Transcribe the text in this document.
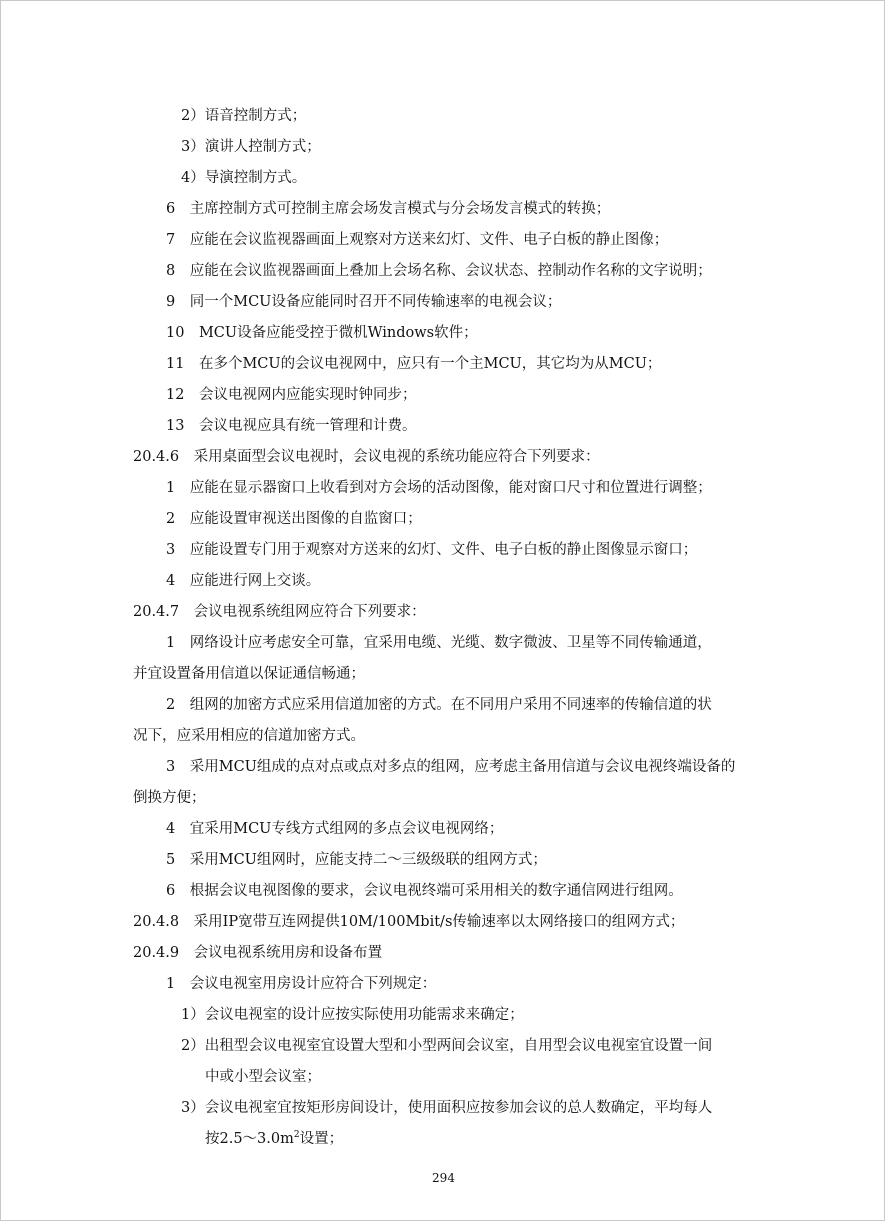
2）语音控制方式；
3）演讲人控制方式；
4）导演控制方式。
6　主席控制方式可控制主席会场发言模式与分会场发言模式的转换；
7　应能在会议监视器画面上观察对方送来幻灯、文件、电子白板的静止图像；
8　应能在会议监视器画面上叠加上会场名称、会议状态、控制动作名称的文字说明；
9　同一个MCU设备应能同时召开不同传输速率的电视会议；
10　MCU设备应能受控于微机Windows软件；
11　在多个MCU的会议电视网中，应只有一个主MCU，其它均为从MCU；
12　会议电视网内应能实现时钟同步；
13　会议电视应具有统一管理和计费。
20.4.6　采用桌面型会议电视时，会议电视的系统功能应符合下列要求：
1　应能在显示器窗口上收看到对方会场的活动图像，能对窗口尺寸和位置进行调整；
2　应能设置审视送出图像的自监窗口；
3　应能设置专门用于观察对方送来的幻灯、文件、电子白板的静止图像显示窗口；
4　应能进行网上交谈。
20.4.7　会议电视系统组网应符合下列要求：
1　网络设计应考虑安全可靠，宜采用电缆、光缆、数字微波、卫星等不同传输通道，
并宜设置备用信道以保证通信畅通；
2　组网的加密方式应采用信道加密的方式。在不同用户采用不同速率的传输信道的状
况下，应采用相应的信道加密方式。
3　采用MCU组成的点对点或点对多点的组网，应考虑主备用信道与会议电视终端设备的
倒换方便；
4　宜采用MCU专线方式组网的多点会议电视网络；
5　采用MCU组网时，应能支持二～三级级联的组网方式；
6　根据会议电视图像的要求，会议电视终端可采用相关的数字通信网进行组网。
20.4.8　采用IP宽带互连网提供10M/100Mbit/s传输速率以太网络接口的组网方式；
20.4.9　会议电视系统用房和设备布置
1　会议电视室用房设计应符合下列规定：
1）会议电视室的设计应按实际使用功能需求来确定；
2）出租型会议电视室宜设置大型和小型两间会议室，自用型会议电视室宜设置一间
中或小型会议室；
3）会议电视室宜按矩形房间设计，使用面积应按参加会议的总人数确定，平均每人
按$2.5\sim 3.0m^2$设置；
294
